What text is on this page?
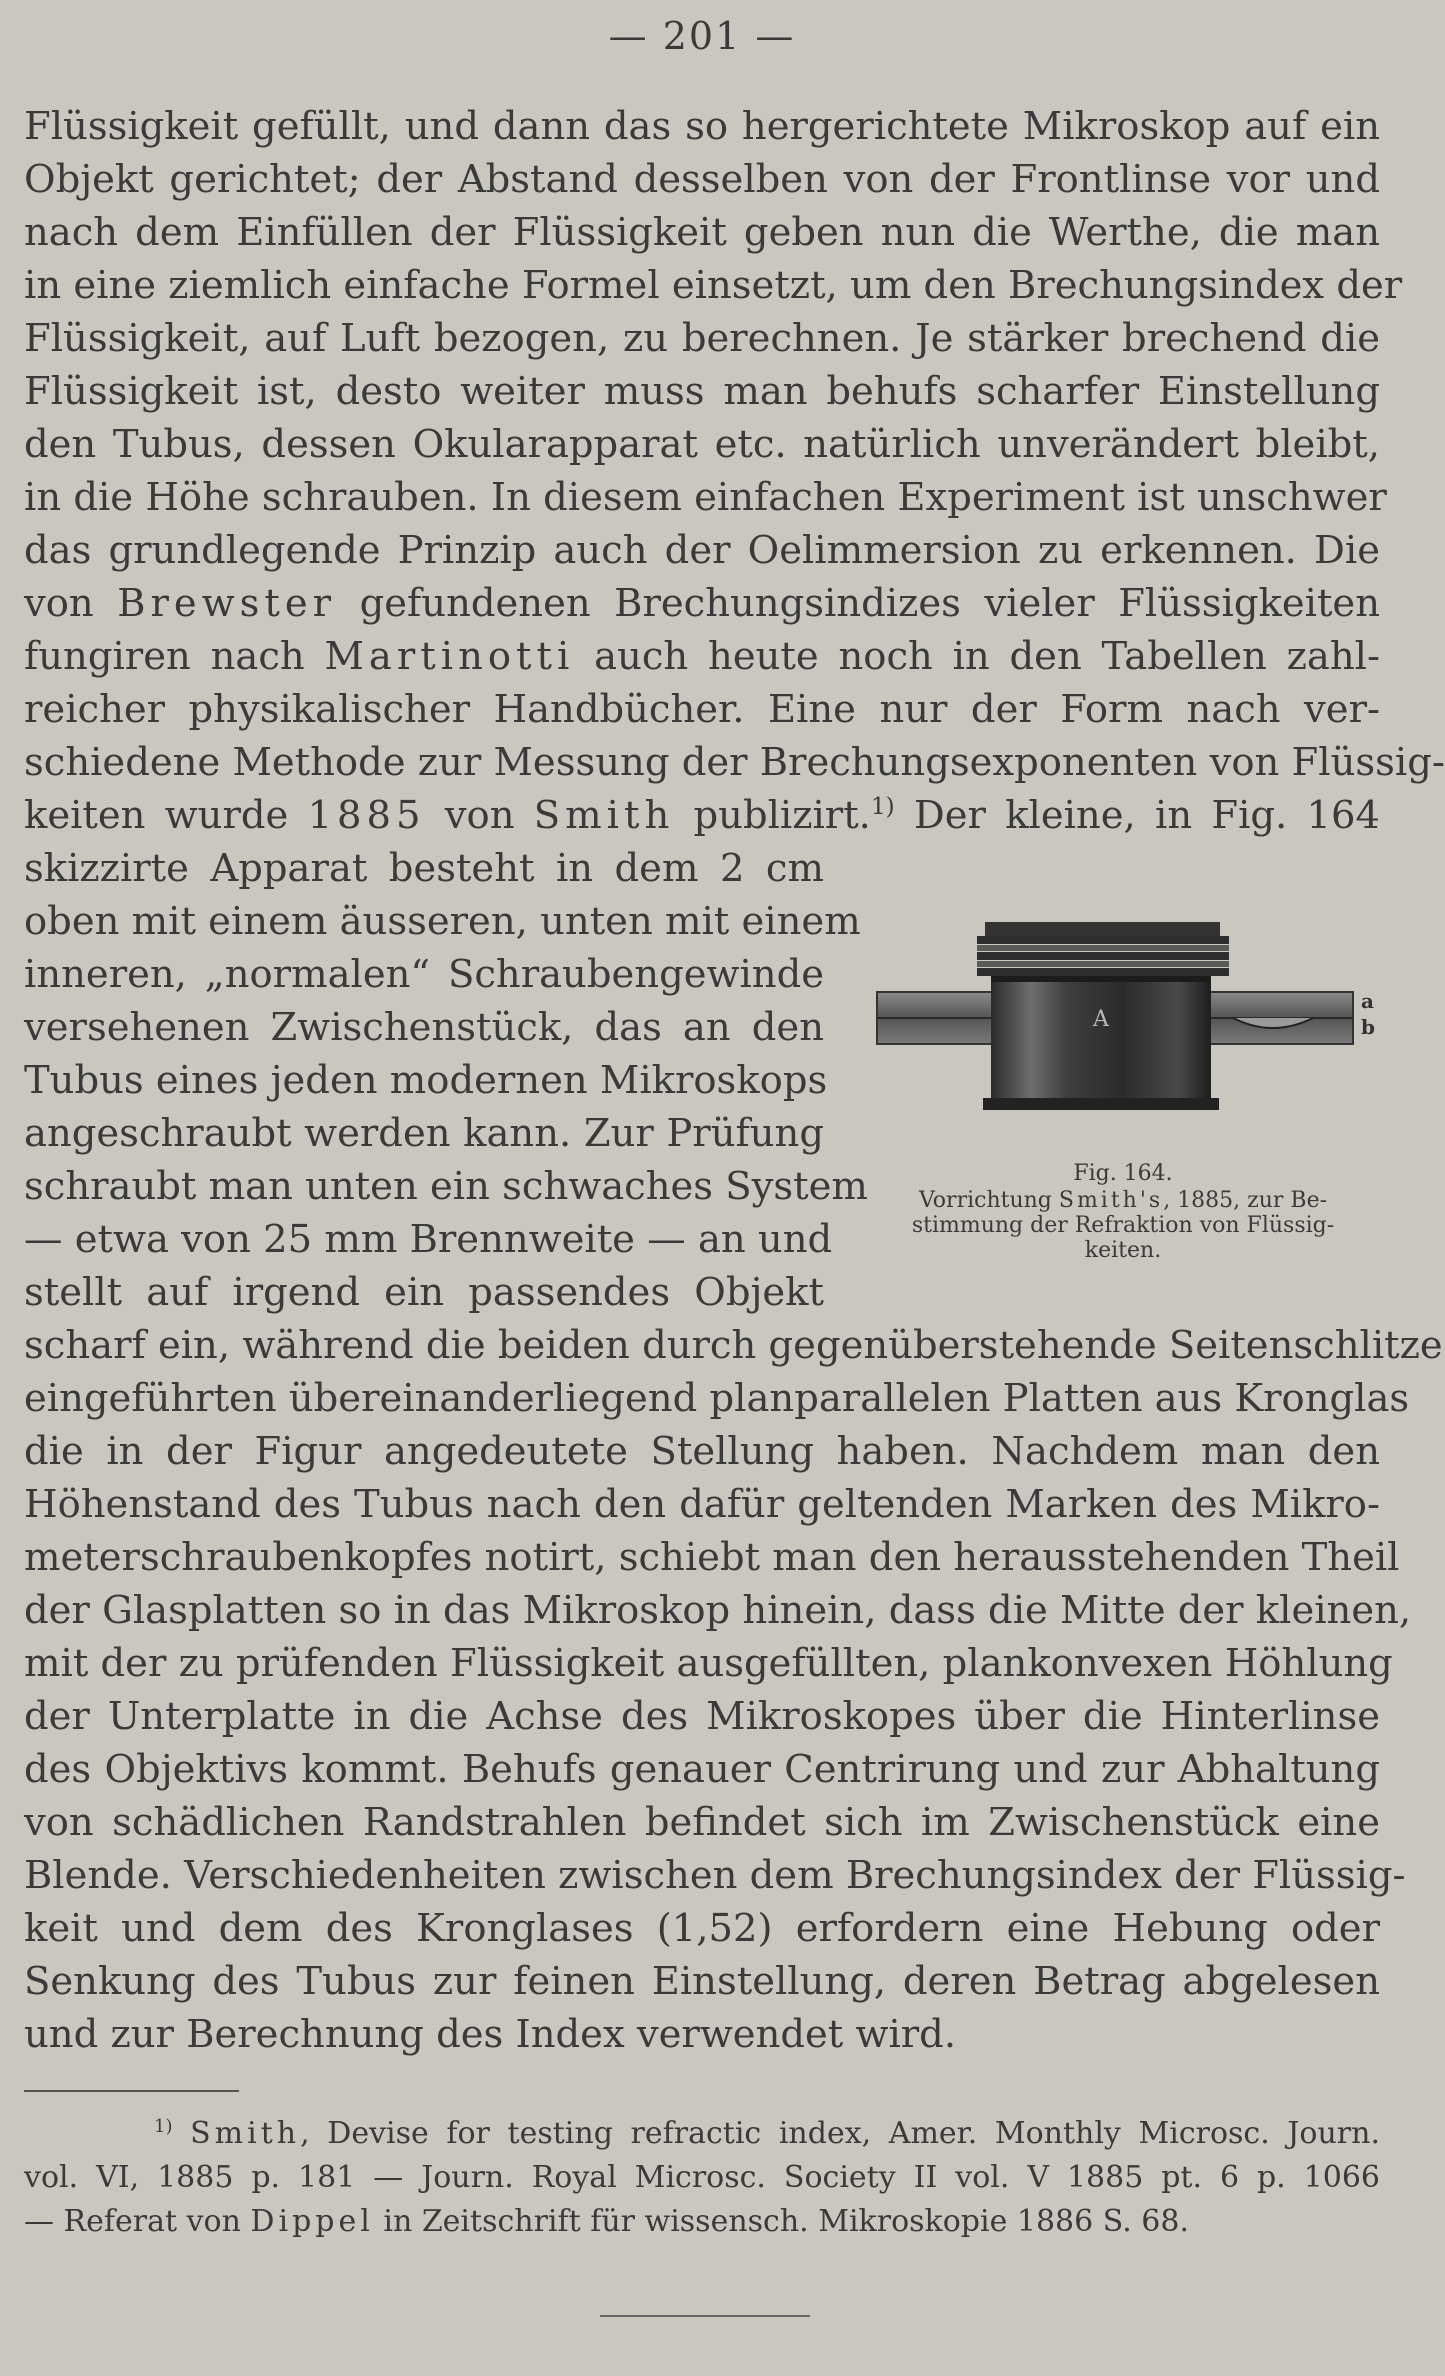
— 201 —
Flüssigkeit gefüllt, und dann das so hergerichtete Mikroskop auf ein
Objekt gerichtet; der Abstand desselben von der Frontlinse vor und
nach dem Einfüllen der Flüssigkeit geben nun die Werthe, die man
in eine ziemlich einfache Formel einsetzt, um den Brechungsindex der
Flüssigkeit, auf Luft bezogen, zu berechnen. Je stärker brechend die
Flüssigkeit ist, desto weiter muss man behufs scharfer Einstellung
den Tubus, dessen Okularapparat etc. natürlich unverändert bleibt,
in die Höhe schrauben. In diesem einfachen Experiment ist unschwer
das grundlegende Prinzip auch der Oelimmersion zu erkennen. Die
von Brewster gefundenen Brechungsindizes vieler Flüssigkeiten
fungiren nach Martinotti auch heute noch in den Tabellen zahl-
reicher physikalischer Handbücher. Eine nur der Form nach ver-
schiedene Methode zur Messung der Brechungsexponenten von Flüssig-
keiten wurde 1885 von Smith publizirt.$^{1)}$ Der kleine, in Fig. 164
skizzirte Apparat besteht in dem 2 cm
oben mit einem äusseren, unten mit einem
inneren, „normalen“ Schraubengewinde
versehenen Zwischenstück, das an den
Tubus eines jeden modernen Mikroskops
angeschraubt werden kann. Zur Prüfung
schraubt man unten ein schwaches System
— etwa von 25 mm Brennweite — an und
stellt auf irgend ein passendes Objekt
A
a
b
Fig. 164.
Vorrichtung Smith's, 1885, zur Be-
stimmung der Refraktion von Flüssig-
keiten.
scharf ein, während die beiden durch gegenüberstehende Seitenschlitze
eingeführten übereinanderliegend planparallelen Platten aus Kronglas
die in der Figur angedeutete Stellung haben. Nachdem man den
Höhenstand des Tubus nach den dafür geltenden Marken des Mikro-
meterschraubenkopfes notirt, schiebt man den herausstehenden Theil
der Glasplatten so in das Mikroskop hinein, dass die Mitte der kleinen,
mit der zu prüfenden Flüssigkeit ausgefüllten, plankonvexen Höhlung
der Unterplatte in die Achse des Mikroskopes über die Hinterlinse
des Objektivs kommt. Behufs genauer Centrirung und zur Abhaltung
von schädlichen Randstrahlen befindet sich im Zwischenstück eine
Blende. Verschiedenheiten zwischen dem Brechungsindex der Flüssig-
keit und dem des Kronglases (1,52) erfordern eine Hebung oder
Senkung des Tubus zur feinen Einstellung, deren Betrag abgelesen
und zur Berechnung des Index verwendet wird.
$^{1)}$ Smith, Devise for testing refractic index, Amer. Monthly Microsc. Journ.
vol. VI, 1885 p. 181 — Journ. Royal Microsc. Society II vol. V 1885 pt. 6 p. 1066
— Referat von Dippel in Zeitschrift für wissensch. Mikroskopie 1886 S. 68.
